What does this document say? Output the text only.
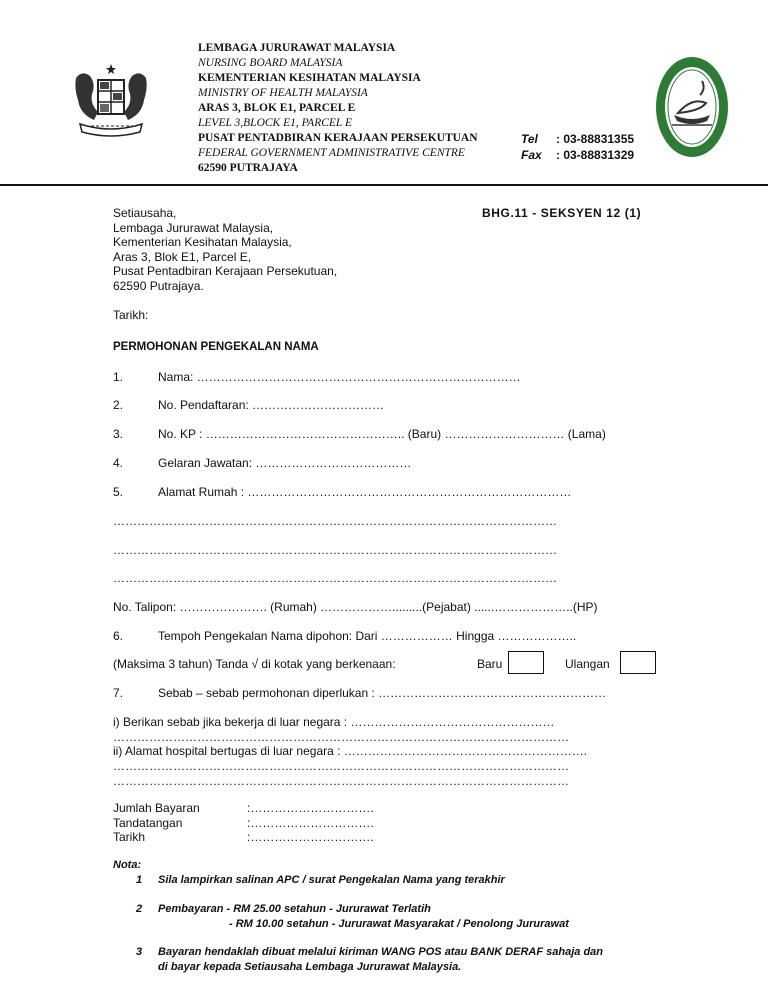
LEMBAGA JURURAWAT MALAYSIA
NURSING BOARD MALAYSIA
KEMENTERIAN KESIHATAN MALAYSIA
MINISTRY OF HEALTH MALAYSIA
ARAS 3, BLOK E1, PARCEL E
LEVEL 3,BLOCK E1, PARCEL E
PUSAT PENTADBIRAN KERAJAAN PERSEKUTUAN
FEDERAL GOVERNMENT ADMINISTRATIVE CENTRE
62590 PUTRAJAYA
Tel : 03-88831355
Fax : 03-88831329
Setiausaha,
Lembaga Jururawat Malaysia,
Kementerian Kesihatan Malaysia,
Aras 3, Blok E1, Parcel E,
Pusat Pentadbiran Kerajaan Persekutuan,
62590 Putrajaya.
BHG.11 - SEKSYEN 12 (1)
Tarikh:
PERMOHONAN PENGEKALAN NAMA
1.	Nama: ………………………………………………………………………
2.	No. Pendaftaran: ……………………………
3.	No. KP : ………………………………………….. (Baru) ………………………… (Lama)
4.	Gelaran Jawatan: …………………………………
5.	Alamat Rumah : ………………………………………………………………………
…………………………………………………………………………………………………
…………………………………………………………………………………………………
…………………………………………………………………………………………………
No. Talipon: …………………. (Rumah) ……………….........(Pejabat) ......………………..(HP)
6.	Tempoh Pengekalan Nama dipohon: Dari ……………… Hingga ………………..
(Maksima 3 tahun) Tanda √ di kotak yang berkenaan:	Baru	Ulangan
7.	Sebab – sebab permohonan diperlukan : …………………………………………………
i) Berikan sebab jika bekerja di luar negara : ……………………………………………
……………………………………………………………………………………………………
ii) Alamat hospital bertugas di luar negara : …………………………………………………….
……………………………………………………………………………………………………
……………………………………………………………………………………………………
Jumlah Bayaran	:………………………….
Tandatangan	:………………………….
Tarikh	:………………………….
Nota:
1 Sila lampirkan salinan APC / surat Pengekalan Nama yang terakhir
2 Pembayaran - RM 25.00 setahun - Jururawat Terlatih
- RM 10.00 setahun - Jururawat Masyarakat / Penolong Jururawat
3 Bayaran hendaklah dibuat melalui kiriman WANG POS atau BANK DERAF sahaja dan
di bayar kepada Setiausaha Lembaga Jururawat Malaysia.
